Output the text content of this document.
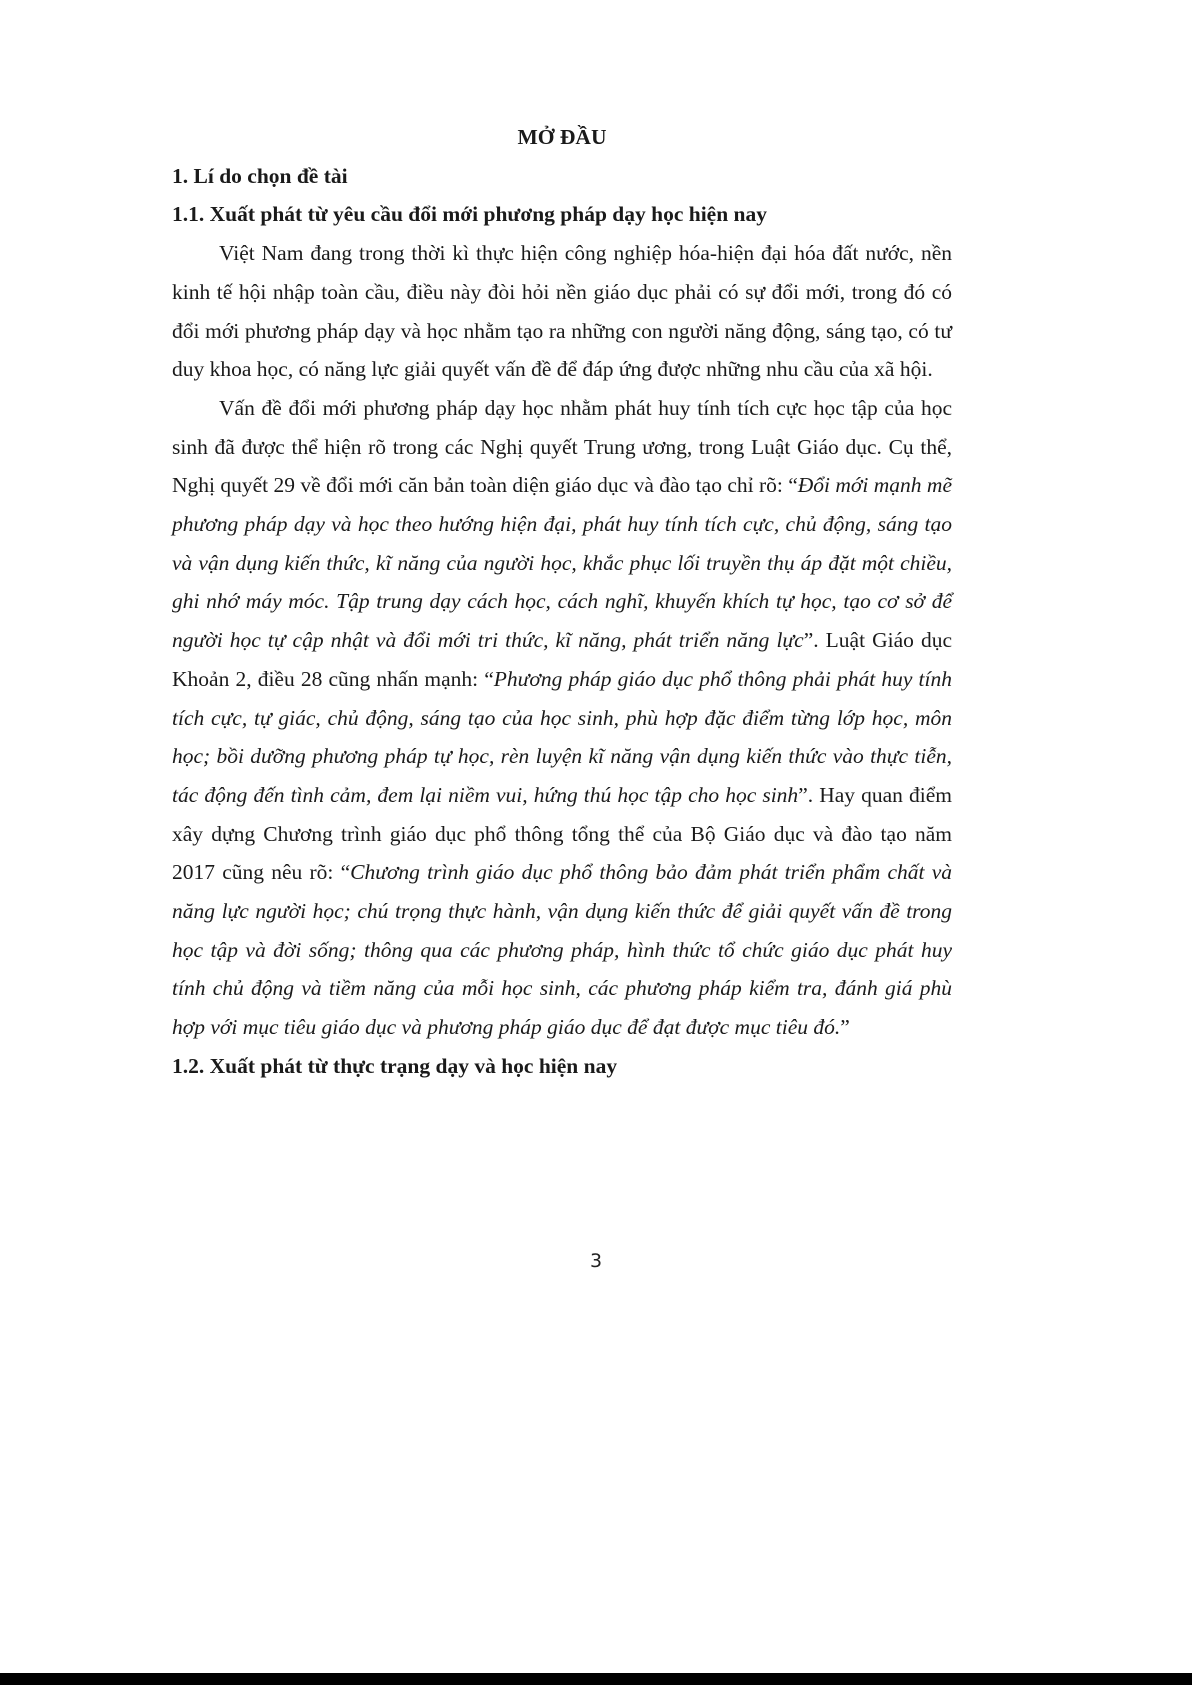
MỞ ĐẦU

1. Lí do chọn đề tài

1.1. Xuất phát từ yêu cầu đổi mới phương pháp dạy học hiện nay

Việt Nam đang trong thời kì thực hiện công nghiệp hóa-hiện đại hóa đất nước, nền kinh tế hội nhập toàn cầu, điều này đòi hỏi nền giáo dục phải có sự đổi mới, trong đó có đổi mới phương pháp dạy và học nhằm tạo ra những con người năng động, sáng tạo, có tư duy khoa học, có năng lực giải quyết vấn đề để đáp ứng được những nhu cầu của xã hội.

Vấn đề đổi mới phương pháp dạy học nhằm phát huy tính tích cực học tập của học sinh đã được thể hiện rõ trong các Nghị quyết Trung ương, trong Luật Giáo dục. Cụ thể, Nghị quyết 29 về đổi mới căn bản toàn diện giáo dục và đào tạo chỉ rõ: “Đổi mới mạnh mẽ phương pháp dạy và học theo hướng hiện đại, phát huy tính tích cực, chủ động, sáng tạo và vận dụng kiến thức, kĩ năng của người học, khắc phục lối truyền thụ áp đặt một chiều, ghi nhớ máy móc. Tập trung dạy cách học, cách nghĩ, khuyến khích tự học, tạo cơ sở để người học tự cập nhật và đổi mới tri thức, kĩ năng, phát triển năng lực”. Luật Giáo dục Khoản 2, điều 28 cũng nhấn mạnh: “Phương pháp giáo dục phổ thông phải phát huy tính tích cực, tự giác, chủ động, sáng tạo của học sinh, phù hợp đặc điểm từng lớp học, môn học; bồi dưỡng phương pháp tự học, rèn luyện kĩ năng vận dụng kiến thức vào thực tiễn, tác động đến tình cảm, đem lại niềm vui, hứng thú học tập cho học sinh”. Hay quan điểm xây dựng Chương trình giáo dục phổ thông tổng thể của Bộ Giáo dục và đào tạo năm 2017 cũng nêu rõ: “Chương trình giáo dục phổ thông bảo đảm phát triển phẩm chất và năng lực người học; chú trọng thực hành, vận dụng kiến thức để giải quyết vấn đề trong học tập và đời sống; thông qua các phương pháp, hình thức tổ chức giáo dục phát huy tính chủ động và tiềm năng của mỗi học sinh, các phương pháp kiểm tra, đánh giá phù hợp với mục tiêu giáo dục và phương pháp giáo dục để đạt được mục tiêu đó.”

1.2. Xuất phát từ thực trạng dạy và học hiện nay

3
